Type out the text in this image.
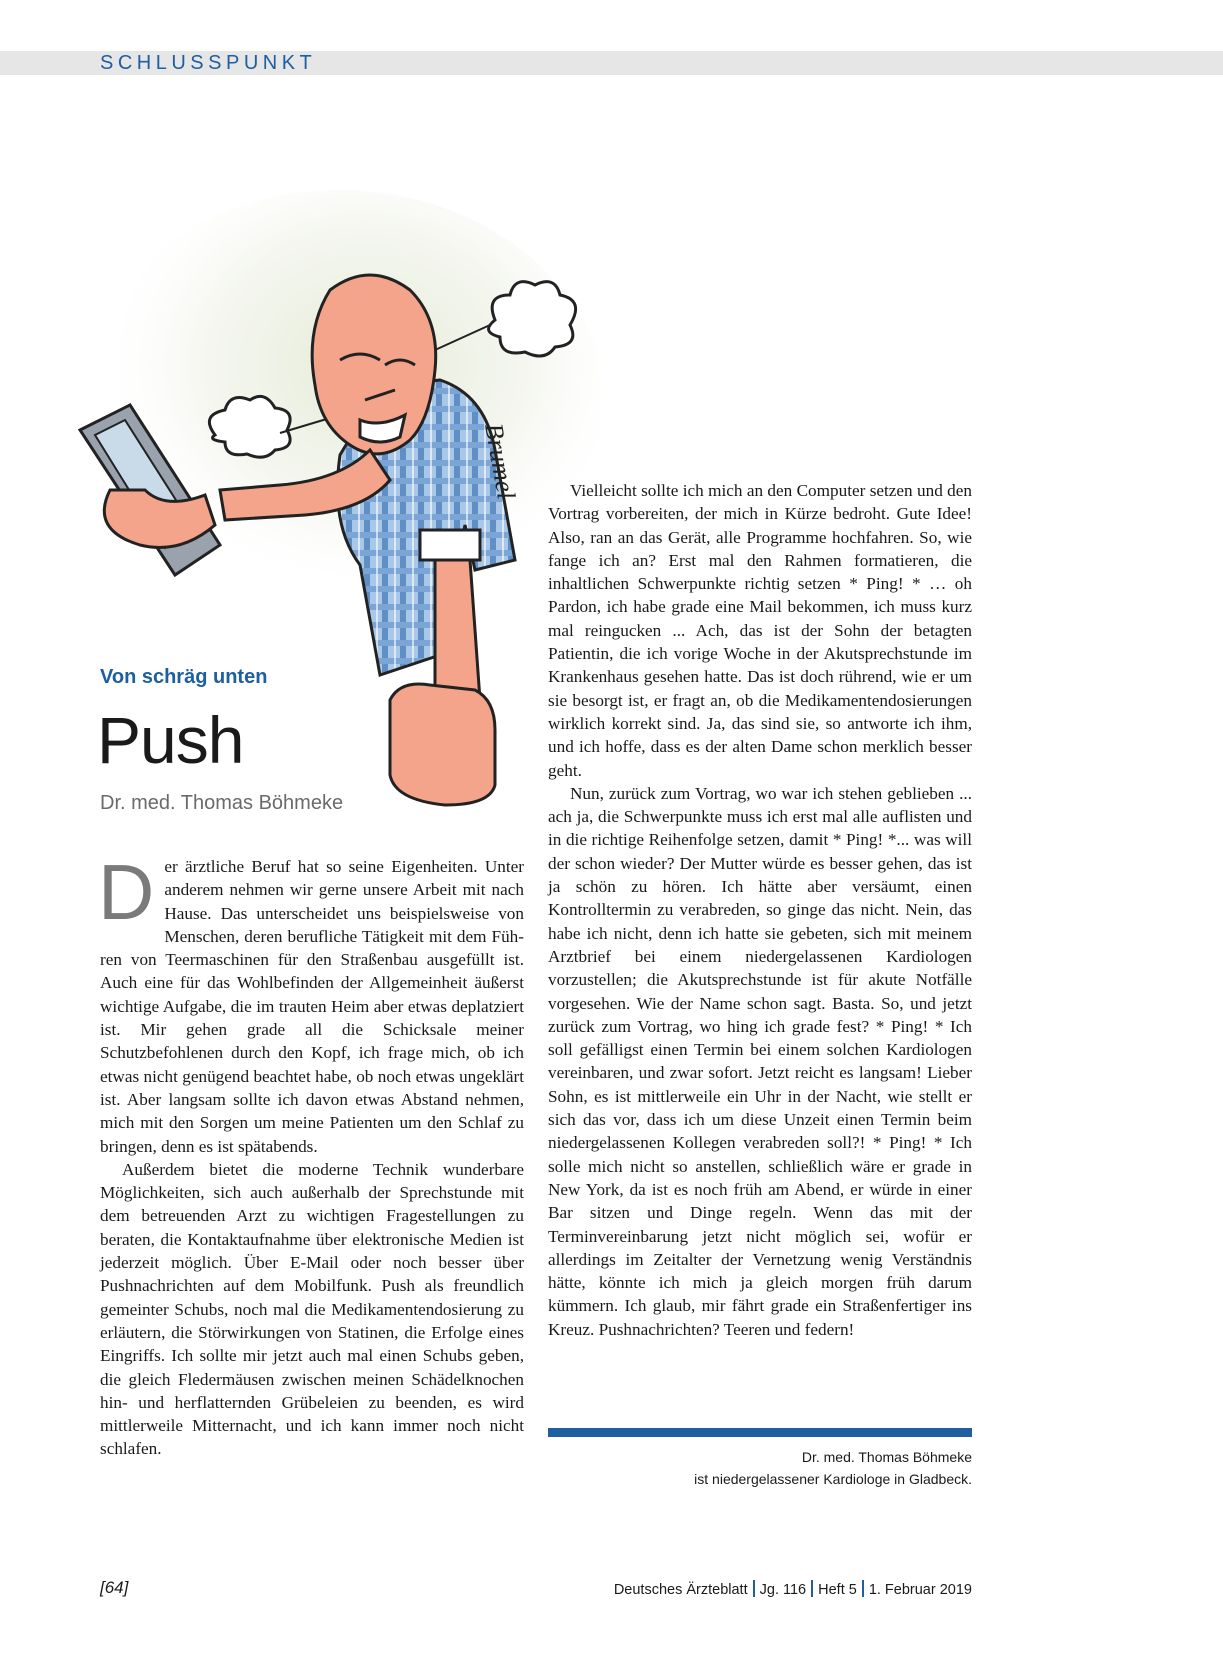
SCHLUSSPUNKT
Brumel
Von schräg unten
Push
Dr. med. Thomas Böhmeke

Der ärztliche Beruf hat so seine Eigenheiten. Unter anderem nehmen wir gerne unsere Arbeit mit nach Hause. Das unterscheidet uns beispielsweise von Menschen, deren berufliche Tätigkeit mit dem Führen von Teermaschinen für den Straßenbau ausgefüllt ist. Auch eine für das Wohlbefinden der Allgemeinheit äußerst wichtige Aufgabe, die im trauten Heim aber etwas deplatziert ist. Mir gehen grade all die Schicksale meiner Schutzbefohlenen durch den Kopf, ich frage mich, ob ich etwas nicht genügend beachtet habe, ob noch etwas ungeklärt ist. Aber langsam sollte ich davon etwas Abstand nehmen, mich mit den Sorgen um meine Patienten um den Schlaf zu bringen, denn es ist spätabends.

Außerdem bietet die moderne Technik wunderbare Möglichkeiten, sich auch außerhalb der Sprechstunde mit dem betreuenden Arzt zu wichtigen Fragestellungen zu beraten, die Kontaktaufnahme über elektronische Medien ist jederzeit möglich. Über E-Mail oder noch besser über Pushnachrichten auf dem Mobilfunk. Push als freundlich gemeinter Schubs, noch mal die Medikamentendosierung zu erläutern, die Störwirkungen von Statinen, die Erfolge eines Eingriffs. Ich sollte mir jetzt auch mal einen Schubs geben, die gleich Fledermäusen zwischen meinen Schädelknochen hin- und herflatternden Grübeleien zu beenden, es wird mittlerweile Mitternacht, und ich kann immer noch nicht schlafen.

Vielleicht sollte ich mich an den Computer setzen und den Vortrag vorbereiten, der mich in Kürze bedroht. Gute Idee! Also, ran an das Gerät, alle Programme hochfahren. So, wie fange ich an? Erst mal den Rahmen formatieren, die inhaltlichen Schwerpunkte richtig setzen * Ping! * … oh Pardon, ich habe grade eine Mail bekommen, ich muss kurz mal reingucken ... Ach, das ist der Sohn der betagten Patientin, die ich vorige Woche in der Akutsprechstunde im Krankenhaus gesehen hatte. Das ist doch rührend, wie er um sie besorgt ist, er fragt an, ob die Medikamentendosierungen wirklich korrekt sind. Ja, das sind sie, so antworte ich ihm, und ich hoffe, dass es der alten Dame schon merklich besser geht.

Nun, zurück zum Vortrag, wo war ich stehen geblieben ... ach ja, die Schwerpunkte muss ich erst mal alle auflisten und in die richtige Reihenfolge setzen, damit * Ping! *... was will der schon wieder? Der Mutter würde es besser gehen, das ist ja schön zu hören. Ich hätte aber versäumt, einen Kontrolltermin zu verabreden, so ginge das nicht. Nein, das habe ich nicht, denn ich hatte sie gebeten, sich mit meinem Arztbrief bei einem niedergelassenen Kardiologen vorzustellen; die Akutsprechstunde ist für akute Notfälle vorgesehen. Wie der Name schon sagt. Basta. So, und jetzt zurück zum Vortrag, wo hing ich grade fest? * Ping! * Ich soll gefälligst einen Termin bei einem solchen Kardiologen vereinbaren, und zwar sofort. Jetzt reicht es langsam! Lieber Sohn, es ist mittlerweile ein Uhr in der Nacht, wie stellt er sich das vor, dass ich um diese Unzeit einen Termin beim niedergelassenen Kollegen verabreden soll?! * Ping! * Ich solle mich nicht so anstellen, schließlich wäre er grade in New York, da ist es noch früh am Abend, er würde in einer Bar sitzen und Dinge regeln. Wenn das mit der Terminvereinbarung jetzt nicht möglich sei, wofür er allerdings im Zeitalter der Vernetzung wenig Verständnis hätte, könnte ich mich ja gleich morgen früh darum kümmern. Ich glaub, mir fährt grade ein Straßenfertiger ins Kreuz. Pushnachrichten? Teeren und federn!

Dr. med. Thomas Böhmeke
ist niedergelassener Kardiologe in Gladbeck.
[64]	Deutsches Ärzteblatt Jg. 116 Heft 5 1. Februar 2019
